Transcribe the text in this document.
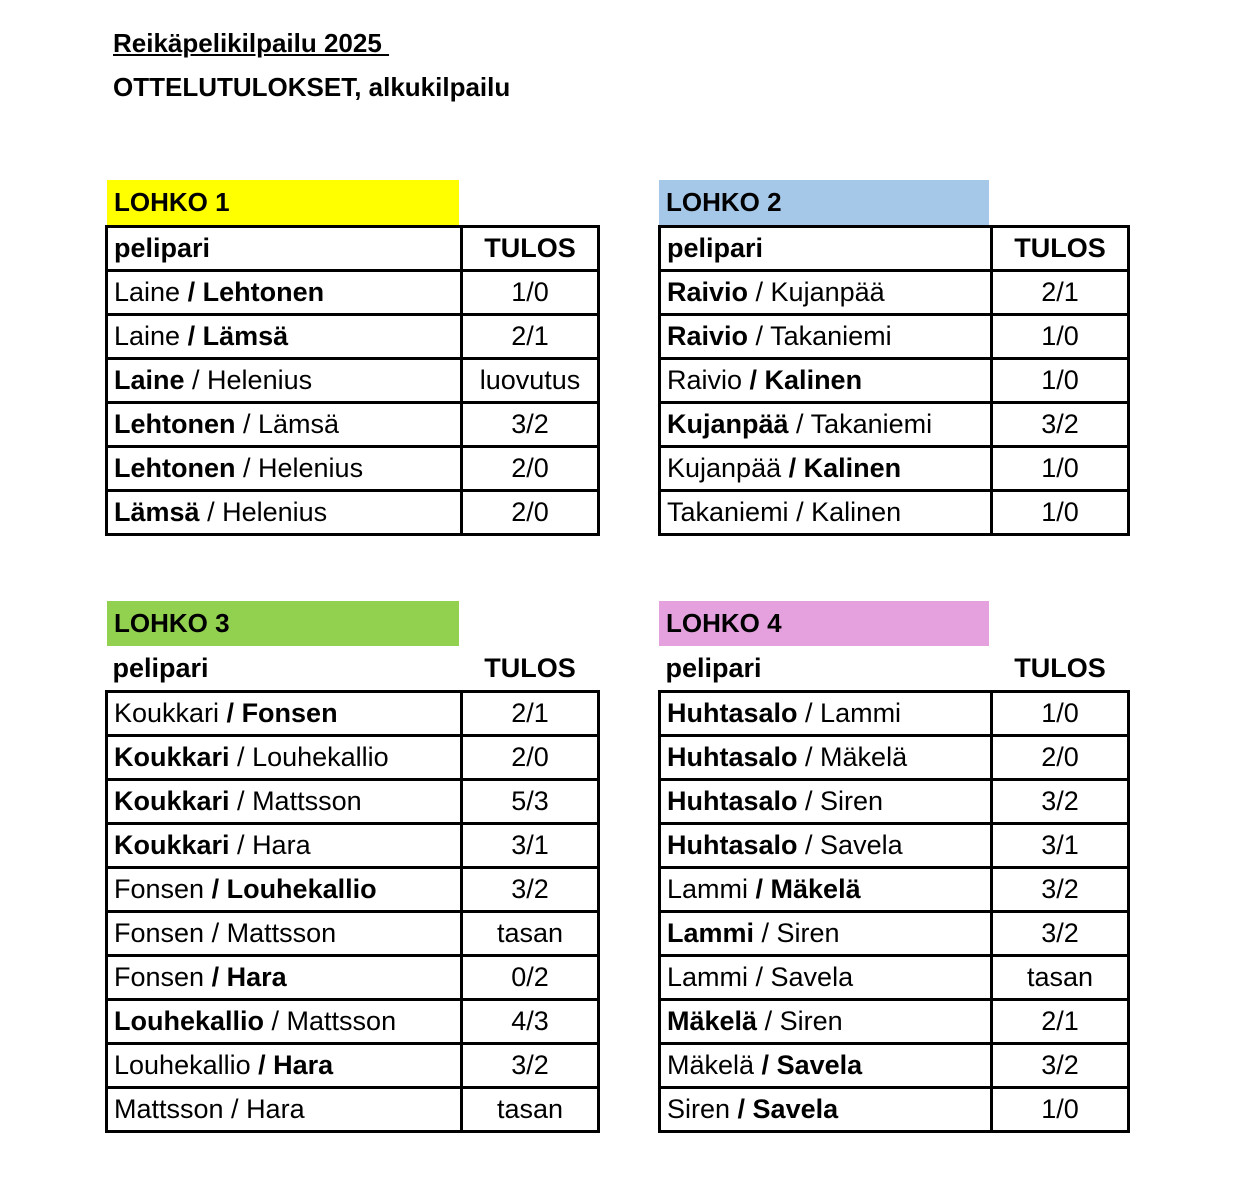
Reikäpelikilpailu 2025
OTTELUTULOKSET, alkukilpailu
LOHKO 1
pelipari	TULOS
Laine / Lehtonen	1/0
Laine / Lämsä	2/1
Laine / Helenius	luovutus
Lehtonen / Lämsä	3/2
Lehtonen / Helenius	2/0
Lämsä / Helenius	2/0
LOHKO 2
pelipari	TULOS
Raivio / Kujanpää	2/1
Raivio / Takaniemi	1/0
Raivio / Kalinen	1/0
Kujanpää / Takaniemi	3/2
Kujanpää / Kalinen	1/0
Takaniemi / Kalinen	1/0
LOHKO 3
pelipari	TULOS
Koukkari / Fonsen	2/1
Koukkari / Louhekallio	2/0
Koukkari / Mattsson	5/3
Koukkari / Hara	3/1
Fonsen / Louhekallio	3/2
Fonsen / Mattsson	tasan
Fonsen / Hara	0/2
Louhekallio / Mattsson	4/3
Louhekallio / Hara	3/2
Mattsson / Hara	tasan
LOHKO 4
pelipari	TULOS
Huhtasalo / Lammi	1/0
Huhtasalo / Mäkelä	2/0
Huhtasalo / Siren	3/2
Huhtasalo / Savela	3/1
Lammi / Mäkelä	3/2
Lammi / Siren	3/2
Lammi / Savela	tasan
Mäkelä / Siren	2/1
Mäkelä / Savela	3/2
Siren / Savela	1/0
